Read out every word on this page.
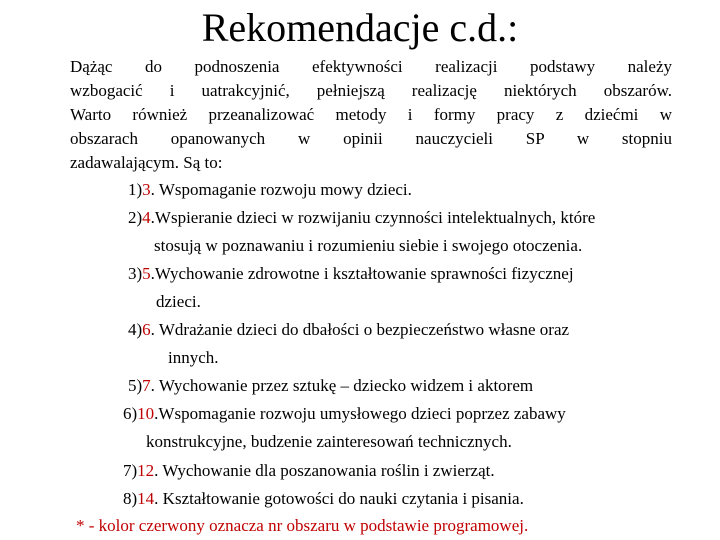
Rekomendacje c.d.:
Dążąc do podnoszenia efektywności realizacji podstawy należy
wzbogacić i uatrakcyjnić, pełniejszą realizację niektórych obszarów.
Warto również przeanalizować metody i formy pracy z dziećmi w
obszarach opanowanych w opinii nauczycieli SP w stopniu
zadawalającym. Są to:
1)3. Wspomaganie rozwoju mowy dzieci.
2)4.Wspieranie dzieci w rozwijaniu czynności intelektualnych, które
stosują w poznawaniu i rozumieniu siebie i swojego otoczenia.
3)5.Wychowanie zdrowotne i kształtowanie sprawności fizycznej
dzieci.
4)6. Wdrażanie dzieci do dbałości o bezpieczeństwo własne oraz
innych.
5)7. Wychowanie przez sztukę – dziecko widzem i aktorem
6)10.Wspomaganie rozwoju umysłowego dzieci poprzez zabawy
konstrukcyjne, budzenie zainteresowań technicznych.
7)12. Wychowanie dla poszanowania roślin i zwierząt.
8)14. Kształtowanie gotowości do nauki czytania i pisania.
* - kolor czerwony oznacza nr obszaru w podstawie programowej.
